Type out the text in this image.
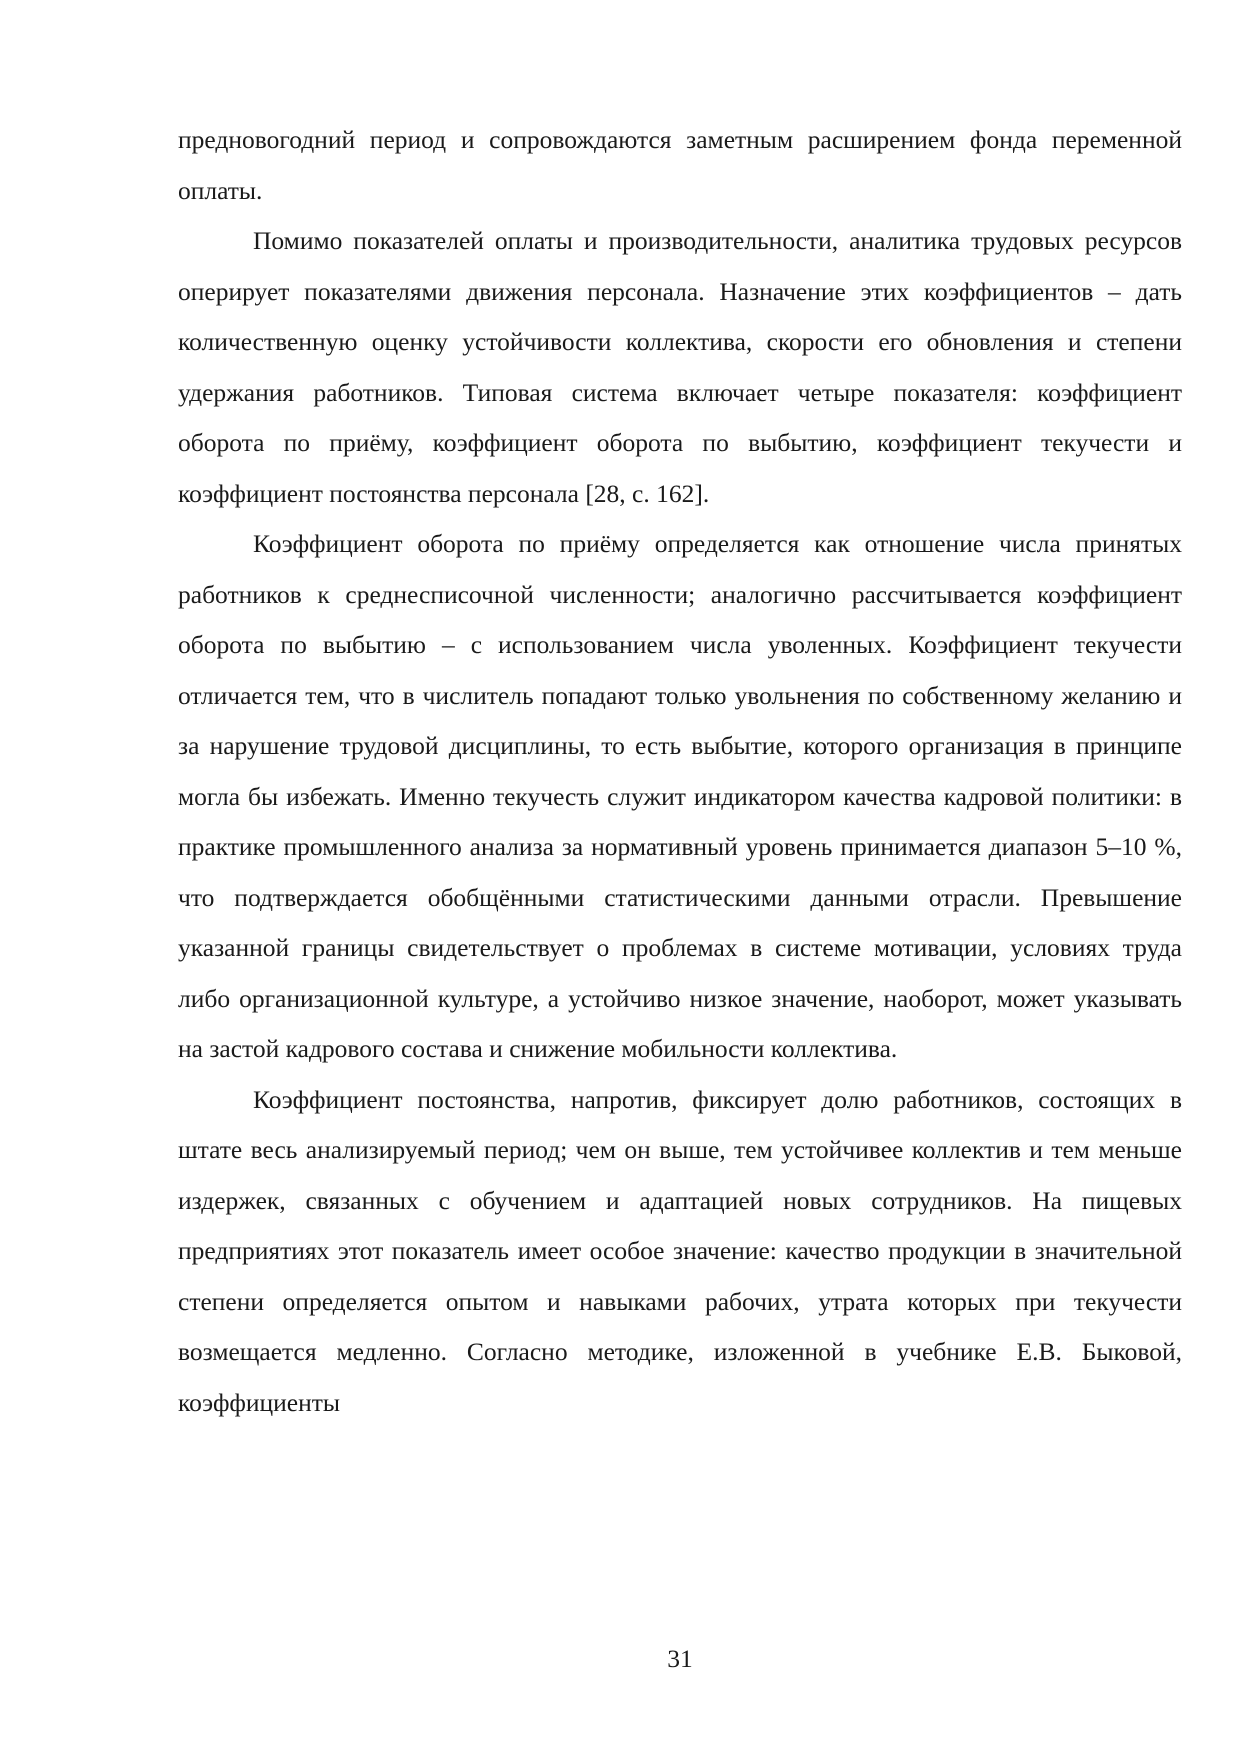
предновогодний период и сопровождаются заметным расширением фонда переменной оплаты.

Помимо показателей оплаты и производительности, аналитика трудовых ресурсов оперирует показателями движения персонала. Назначение этих коэффициентов – дать количественную оценку устойчивости коллектива, скорости его обновления и степени удержания работников. Типовая система включает четыре показателя: коэффициент оборота по приёму, коэффициент оборота по выбытию, коэффициент текучести и коэффициент постоянства персонала [28, с. 162].

Коэффициент оборота по приёму определяется как отношение числа принятых работников к среднесписочной численности; аналогично рассчитывается коэффициент оборота по выбытию – с использованием числа уволенных. Коэффициент текучести отличается тем, что в числитель попадают только увольнения по собственному желанию и за нарушение трудовой дисциплины, то есть выбытие, которого организация в принципе могла бы избежать. Именно текучесть служит индикатором качества кадровой политики: в практике промышленного анализа за нормативный уровень принимается диапазон 5–10 %, что подтверждается обобщёнными статистическими данными отрасли. Превышение указанной границы свидетельствует о проблемах в системе мотивации, условиях труда либо организационной культуре, а устойчиво низкое значение, наоборот, может указывать на застой кадрового состава и снижение мобильности коллектива.

Коэффициент постоянства, напротив, фиксирует долю работников, состоящих в штате весь анализируемый период; чем он выше, тем устойчивее коллектив и тем меньше издержек, связанных с обучением и адаптацией новых сотрудников. На пищевых предприятиях этот показатель имеет особое значение: качество продукции в значительной степени определяется опытом и навыками рабочих, утрата которых при текучести возмещается медленно. Согласно методике, изложенной в учебнике Е.В. Быковой, коэффициенты

31
